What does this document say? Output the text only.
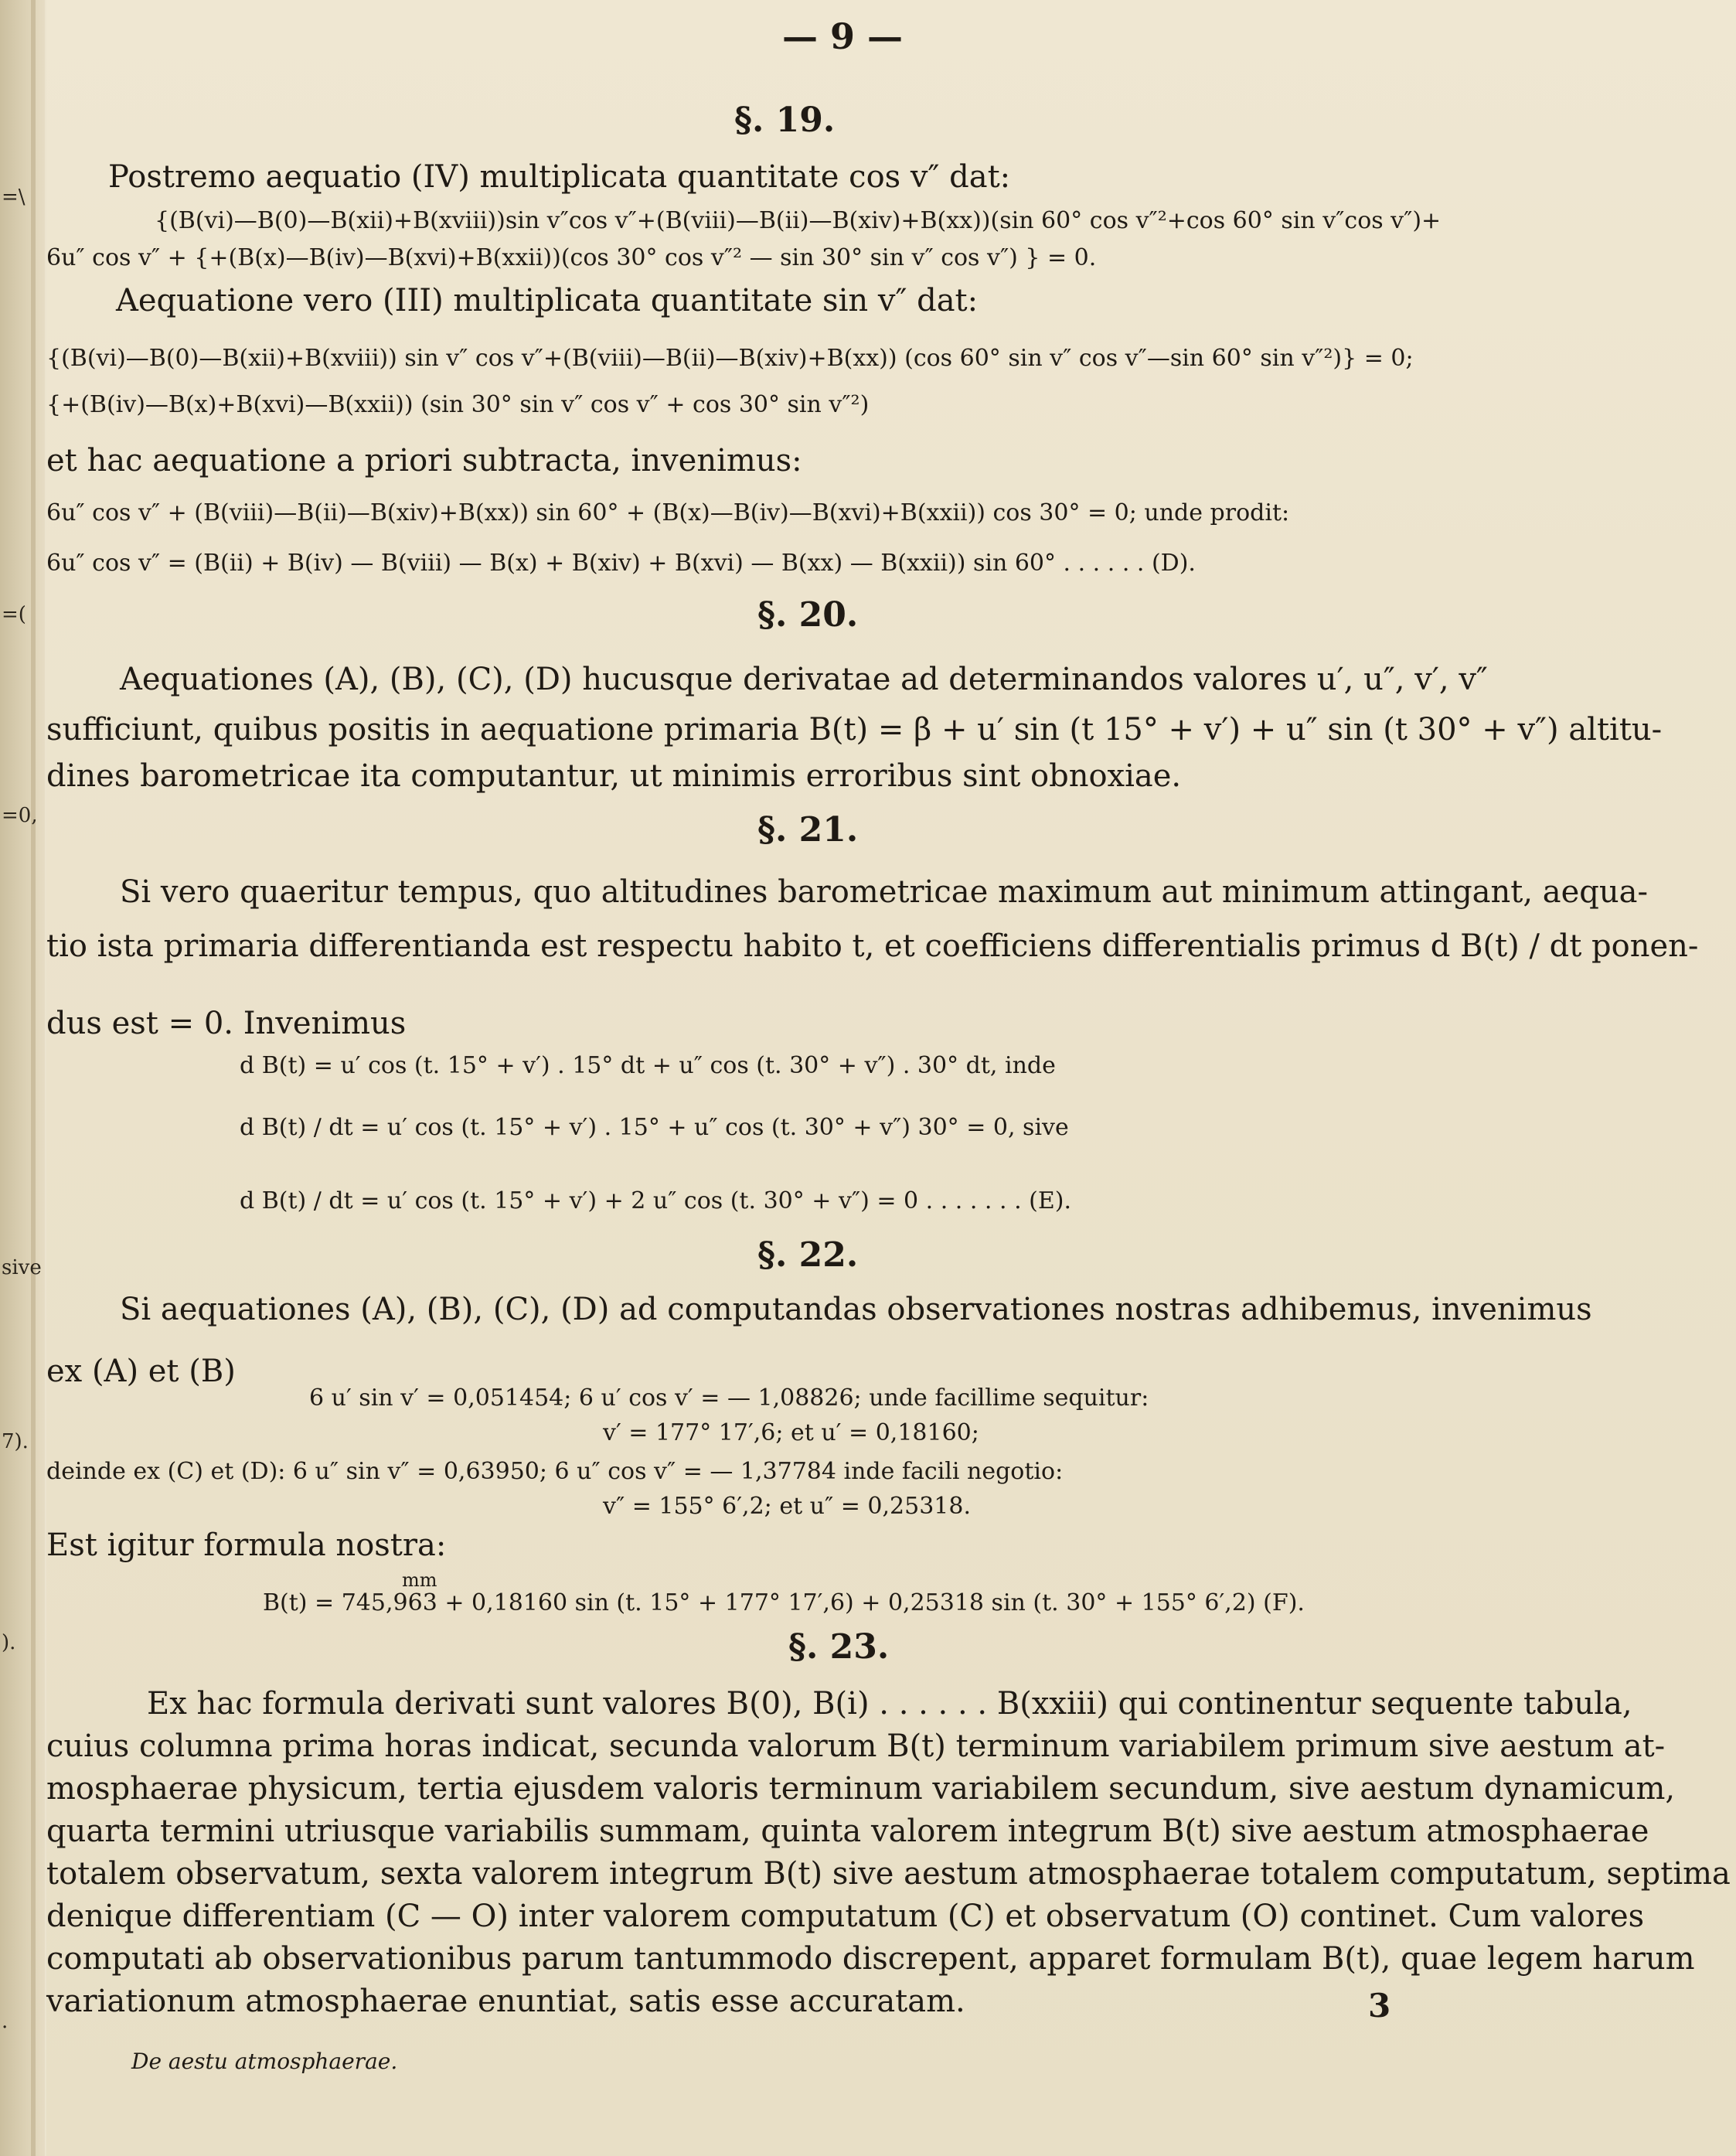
=\
=(
=0,
sive
7).
).
.
— 9 —
§. 19.
Postremo aequatio (IV) multiplicata quantitate cos v″ dat:
{(B(vi)—B(0)—B(xii)+B(xviii))sin v″cos v″+(B(viii)—B(ii)—B(xiv)+B(xx))(sin 60° cos v″²+cos 60° sin v″cos v″)+
6u″ cos v″ + {+(B(x)—B(iv)—B(xvi)+B(xxii))(cos 30° cos v″² — sin 30° sin v″ cos v″) } = 0.
Aequatione vero (III) multiplicata quantitate sin v″ dat:
{(B(vi)—B(0)—B(xii)+B(xviii)) sin v″ cos v″+(B(viii)—B(ii)—B(xiv)+B(xx)) (cos 60° sin v″ cos v″—sin 60° sin v″²)} = 0;
{+(B(iv)—B(x)+B(xvi)—B(xxii)) (sin 30° sin v″ cos v″ + cos 30° sin v″²)
et hac aequatione a priori subtracta, invenimus:
6u″ cos v″ + (B(viii)—B(ii)—B(xiv)+B(xx)) sin 60° + (B(x)—B(iv)—B(xvi)+B(xxii)) cos 30° = 0; unde prodit:
6u″ cos v″ = (B(ii) + B(iv) — B(viii) — B(x) + B(xiv) + B(xvi) — B(xx) — B(xxii)) sin 60° . . . . . . (D).
§. 20.
Aequationes (A), (B), (C), (D) hucusque derivatae ad determinandos valores u′, u″, v′, v″
sufficiunt, quibus positis in aequatione primaria B(t) = β + u′ sin (t 15° + v′) + u″ sin (t 30° + v″) altitu-
dines barometricae ita computantur, ut minimis erroribus sint obnoxiae.
§. 21.
Si vero quaeritur tempus, quo altitudines barometricae maximum aut minimum attingant, aequa-
tio ista primaria differentianda est respectu habito t, et coefficiens differentialis primus d B(t) / dt ponen-
dus est = 0. Invenimus
d B(t) = u′ cos (t. 15° + v′) . 15° dt + u″ cos (t. 30° + v″) . 30° dt, inde
d B(t) / dt = u′ cos (t. 15° + v′) . 15° + u″ cos (t. 30° + v″) 30° = 0, sive
d B(t) / dt = u′ cos (t. 15° + v′) + 2 u″ cos (t. 30° + v″) = 0 . . . . . . . (E).
§. 22.
Si aequationes (A), (B), (C), (D) ad computandas observationes nostras adhibemus, invenimus
ex (A) et (B)
6 u′ sin v′ = 0,051454; 6 u′ cos v′ = — 1,08826; unde facillime sequitur:
v′ = 177° 17′,6; et u′ = 0,18160;
deinde ex (C) et (D): 6 u″ sin v″ = 0,63950; 6 u″ cos v″ = — 1,37784 inde facili negotio:
v″ = 155° 6′,2; et u″ = 0,25318.
Est igitur formula nostra:
mm
B(t) = 745,963 + 0,18160 sin (t. 15° + 177° 17′,6) + 0,25318 sin (t. 30° + 155° 6′,2) (F).
§. 23.
Ex hac formula derivati sunt valores B(0), B(i) . . . . . . B(xxiii) qui continentur sequente tabula,
cuius columna prima horas indicat, secunda valorum B(t) terminum variabilem primum sive aestum at-
mosphaerae physicum, tertia ejusdem valoris terminum variabilem secundum, sive aestum dynamicum,
quarta termini utriusque variabilis summam, quinta valorem integrum B(t) sive aestum atmosphaerae
totalem observatum, sexta valorem integrum B(t) sive aestum atmosphaerae totalem computatum, septima
denique differentiam (C — O) inter valorem computatum (C) et observatum (O) continet. Cum valores
computati ab observationibus parum tantummodo discrepent, apparet formulam B(t), quae legem harum
variationum atmosphaerae enuntiat, satis esse accuratam.	3
De aestu atmosphaerae.
